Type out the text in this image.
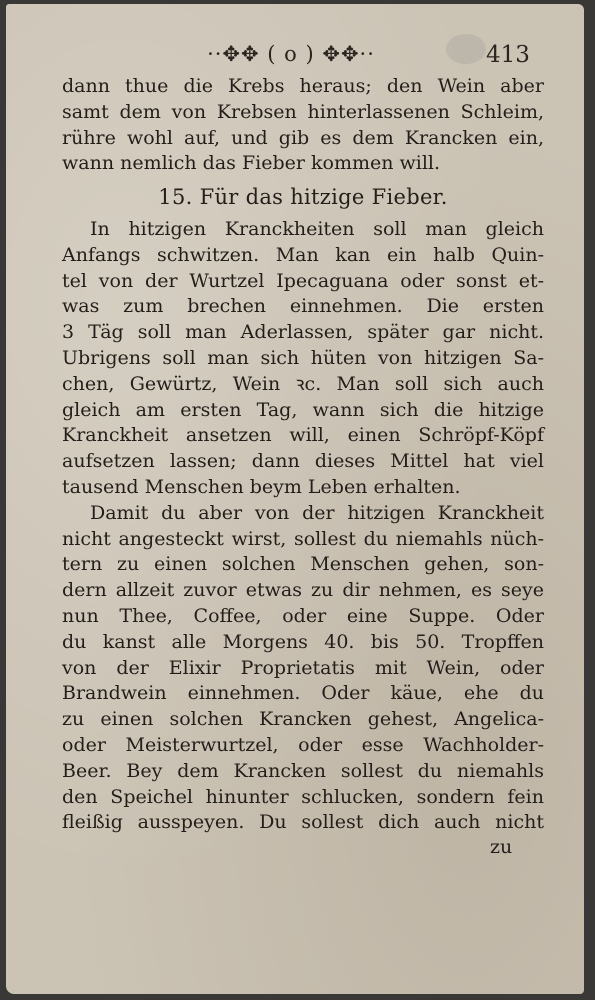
··✥✥ ( o ) ✥✥··	413
dann thue die Krebs heraus; den Wein aber
samt dem von Krebsen hinterlassenen Schleim,
rühre wohl auf, und gib es dem Krancken ein,
wann nemlich das Fieber kommen will.
15. Für das hitzige Fieber.
In hitzigen Kranckheiten soll man gleich
Anfangs schwitzen. Man kan ein halb Quin-
tel von der Wurtzel Ipecaguana oder sonst et-
was zum brechen einnehmen. Die ersten
3 Täg soll man Aderlassen, später gar nicht.
Ubrigens soll man sich hüten von hitzigen Sa-
chen, Gewürtz, Wein ꝛc. Man soll sich auch
gleich am ersten Tag, wann sich die hitzige
Kranckheit ansetzen will, einen Schröpf-Köpf
aufsetzen lassen; dann dieses Mittel hat viel
tausend Menschen beym Leben erhalten.
Damit du aber von der hitzigen Kranckheit
nicht angesteckt wirst, sollest du niemahls nüch-
tern zu einen solchen Menschen gehen, son-
dern allzeit zuvor etwas zu dir nehmen, es seye
nun Thee, Coffee, oder eine Suppe. Oder
du kanst alle Morgens 40. bis 50. Tropffen
von der Elixir Proprietatis mit Wein, oder
Brandwein einnehmen. Oder käue, ehe du
zu einen solchen Krancken gehest, Angelica-
oder Meisterwurtzel, oder esse Wachholder-
Beer. Bey dem Krancken sollest du niemahls
den Speichel hinunter schlucken, sondern fein
fleißig ausspeyen. Du sollest dich auch nicht
zu
